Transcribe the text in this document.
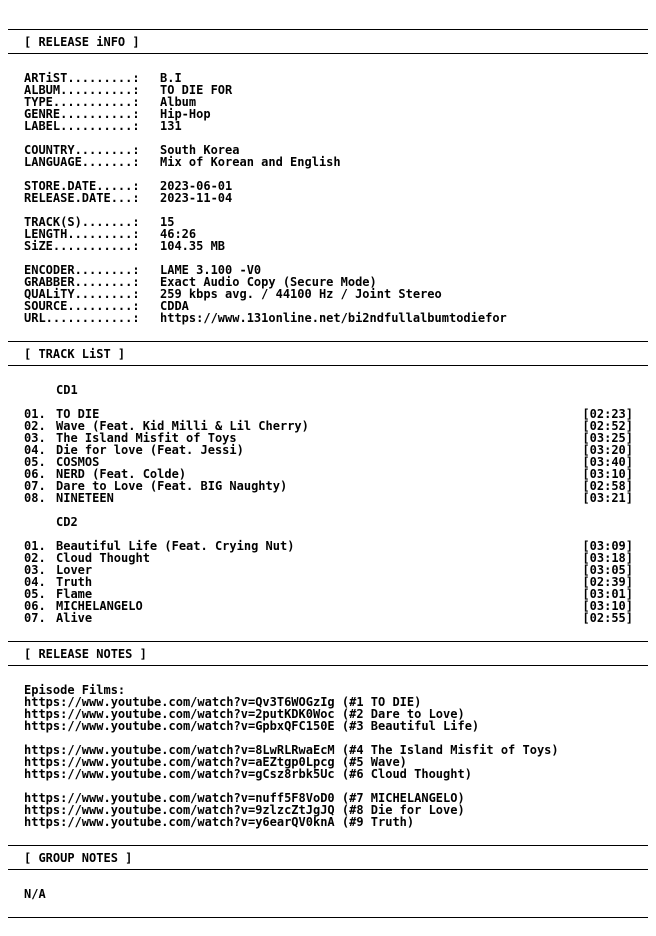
[ RELEASE iNFO ]
ARTiST.........: B.I
ALBUM..........: TO DIE FOR
TYPE...........: Album
GENRE..........: Hip-Hop
LABEL..........: 131
COUNTRY........: South Korea
LANGUAGE.......: Mix of Korean and English
STORE.DATE.....: 2023-06-01
RELEASE.DATE...: 2023-11-04
TRACK(S).......: 15
LENGTH.........: 46:26
SiZE...........: 104.35 MB
ENCODER........: LAME 3.100 -V0
GRABBER........: Exact Audio Copy (Secure Mode)
QUALiTY........: 259 kbps avg. / 44100 Hz / Joint Stereo
SOURCE.........: CDDA
URL............: https://www.131online.net/bi2ndfullalbumtodiefor
[ TRACK LiST ]
CD1
01. TO DIE	[02:23]
02. Wave (Feat. Kid Milli & Lil Cherry)	[02:52]
03. The Island Misfit of Toys	[03:25]
04. Die for love (Feat. Jessi)	[03:20]
05. COSMOS	[03:40]
06. NERD (Feat. Colde)	[03:10]
07. Dare to Love (Feat. BIG Naughty)	[02:58]
08. NINETEEN	[03:21]
CD2
01. Beautiful Life (Feat. Crying Nut)	[03:09]
02. Cloud Thought	[03:18]
03. Lover	[03:05]
04. Truth	[02:39]
05. Flame	[03:01]
06. MICHELANGELO	[03:10]
07. Alive	[02:55]
[ RELEASE NOTES ]
Episode Films:
https://www.youtube.com/watch?v=Qv3T6WOGzIg (#1 TO DIE)
https://www.youtube.com/watch?v=2putKDK0Woc (#2 Dare to Love)
https://www.youtube.com/watch?v=GpbxQFC150E (#3 Beautiful Life)
https://www.youtube.com/watch?v=8LwRLRwaEcM (#4 The Island Misfit of Toys)
https://www.youtube.com/watch?v=aEZtgp0Lpcg (#5 Wave)
https://www.youtube.com/watch?v=gCsz8rbk5Uc (#6 Cloud Thought)
https://www.youtube.com/watch?v=nuff5F8VoD0 (#7 MICHELANGELO)
https://www.youtube.com/watch?v=9zlzcZtJgJQ (#8 Die for Love)
https://www.youtube.com/watch?v=y6earQV0knA (#9 Truth)
[ GROUP NOTES ]
N/A
